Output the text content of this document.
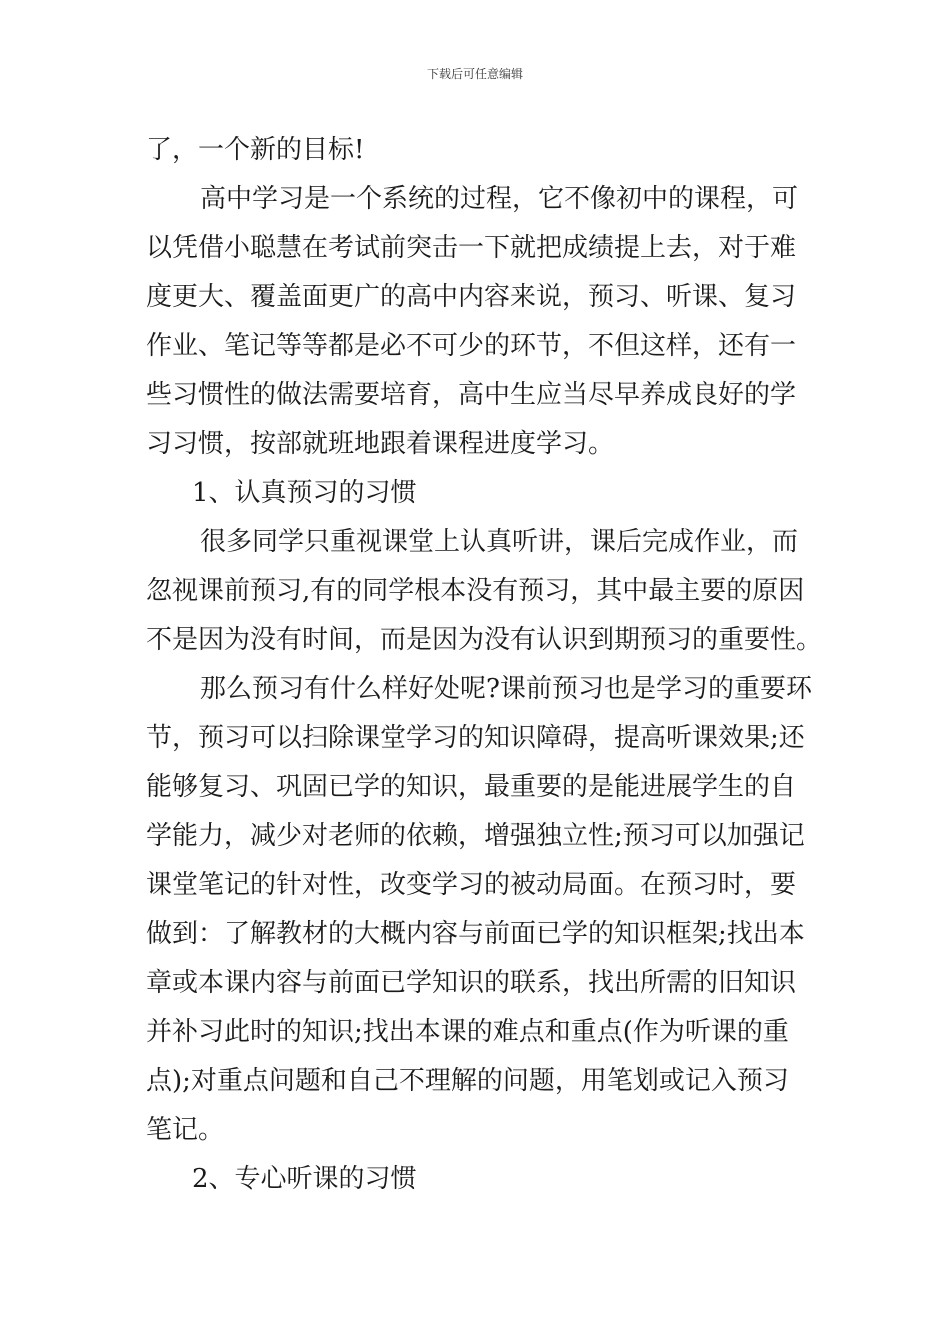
下载后可任意编辑
了，一个新的目标!
高中学习是一个系统的过程，它不像初中的课程，可
以凭借小聪慧在考试前突击一下就把成绩提上去，对于难
度更大、覆盖面更广的高中内容来说，预习、听课、复习
作业、笔记等等都是必不可少的环节，不但这样，还有一
些习惯性的做法需要培育，高中生应当尽早养成良好的学
习习惯，按部就班地跟着课程进度学习。
1、认真预习的习惯
很多同学只重视课堂上认真听讲，课后完成作业，而
忽视课前预习,有的同学根本没有预习，其中最主要的原因
不是因为没有时间，而是因为没有认识到期预习的重要性。
那么预习有什么样好处呢?课前预习也是学习的重要环
节，预习可以扫除课堂学习的知识障碍，提高听课效果;还
能够复习、巩固已学的知识，最重要的是能进展学生的自
学能力，减少对老师的依赖，增强独立性;预习可以加强记
课堂笔记的针对性，改变学习的被动局面。在预习时，要
做到：了解教材的大概内容与前面已学的知识框架;找出本
章或本课内容与前面已学知识的联系，找出所需的旧知识
并补习此时的知识;找出本课的难点和重点(作为听课的重
点);对重点问题和自己不理解的问题，用笔划或记入预习
笔记。
2、专心听课的习惯
